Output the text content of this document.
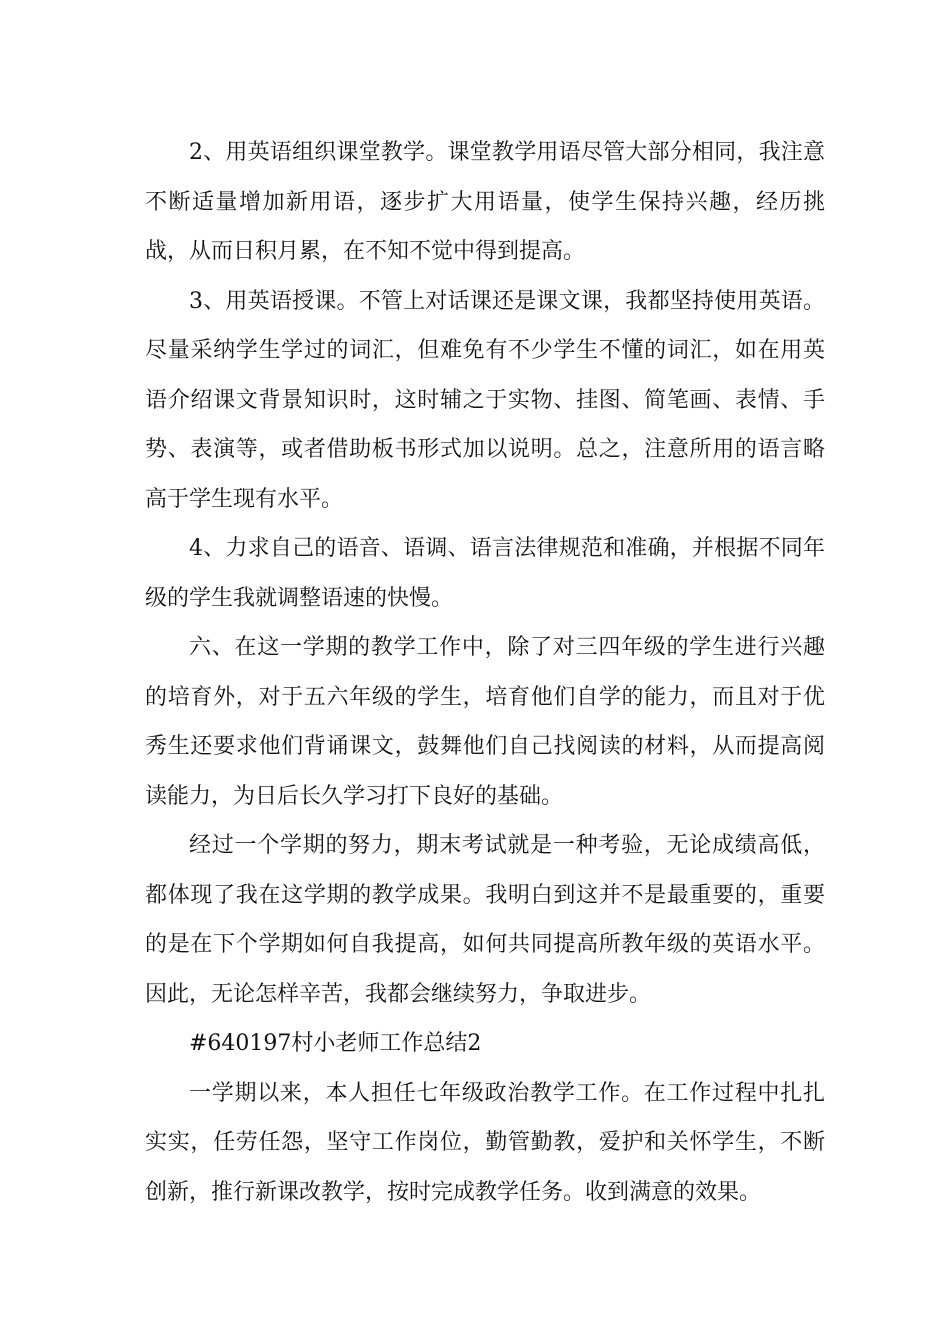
2、用英语组织课堂教学。课堂教学用语尽管大部分相同，我注意不断适量增加新用语，逐步扩大用语量，使学生保持兴趣，经历挑战，从而日积月累，在不知不觉中得到提高。

3、用英语授课。不管上对话课还是课文课，我都坚持使用英语。尽量采纳学生学过的词汇，但难免有不少学生不懂的词汇，如在用英语介绍课文背景知识时，这时辅之于实物、挂图、简笔画、表情、手势、表演等，或者借助板书形式加以说明。总之，注意所用的语言略高于学生现有水平。

4、力求自己的语音、语调、语言法律规范和准确，并根据不同年级的学生我就调整语速的快慢。

六、在这一学期的教学工作中，除了对三四年级的学生进行兴趣的培育外，对于五六年级的学生，培育他们自学的能力，而且对于优秀生还要求他们背诵课文，鼓舞他们自己找阅读的材料，从而提高阅读能力，为日后长久学习打下良好的基础。

经过一个学期的努力，期末考试就是一种考验，无论成绩高低，都体现了我在这学期的教学成果。我明白到这并不是最重要的，重要的是在下个学期如何自我提高，如何共同提高所教年级的英语水平。因此，无论怎样辛苦，我都会继续努力，争取进步。

#640197村小老师工作总结2

一学期以来，本人担任七年级政治教学工作。在工作过程中扎扎实实，任劳任怨，坚守工作岗位，勤管勤教，爱护和关怀学生，不断创新，推行新课改教学，按时完成教学任务。收到满意的效果。
